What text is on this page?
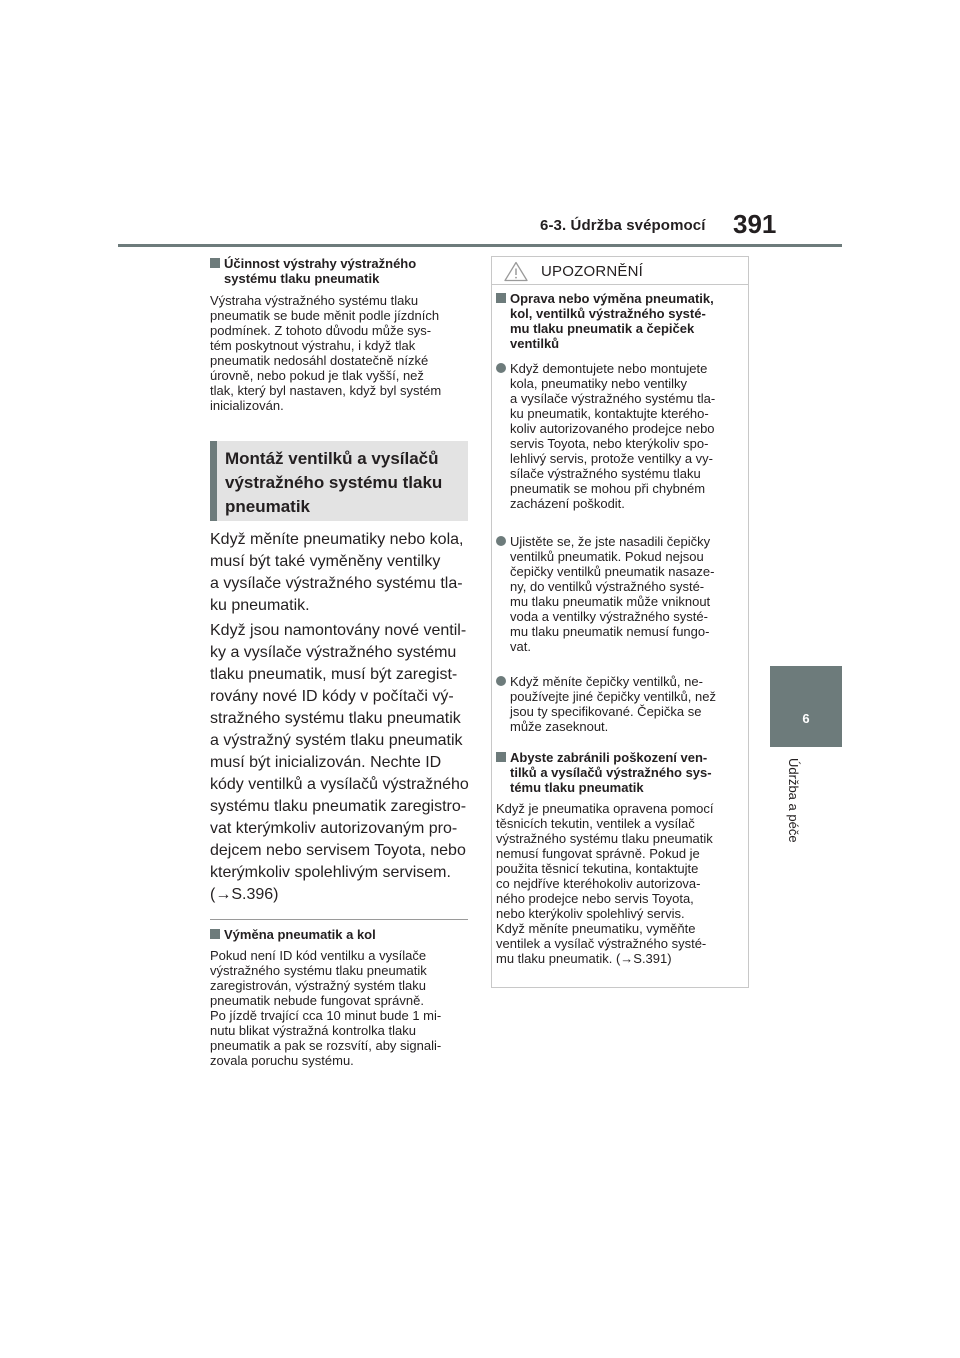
6-3. Údržba svépomocí 391
6
Údržba a péče
Účinnost výstrahy výstražného
systému tlaku pneumatik
Výstraha výstražného systému tlaku
pneumatik se bude měnit podle jízdních
podmínek. Z tohoto důvodu může sys-
tém poskytnout výstrahu, i když tlak
pneumatik nedosáhl dostatečně nízké
úrovně, nebo pokud je tlak vyšší, než
tlak, který byl nastaven, když byl systém
inicializován.
Montáž ventilků a vysílačů
výstražného systému tlaku
pneumatik
Když měníte pneumatiky nebo kola,
musí být také vyměněny ventilky
a vysílače výstražného systému tla-
ku pneumatik.
Když jsou namontovány nové ventil-
ky a vysílače výstražného systému
tlaku pneumatik, musí být zaregist-
rovány nové ID kódy v počítači vý-
stražného systému tlaku pneumatik
a výstražný systém tlaku pneumatik
musí být inicializován. Nechte ID
kódy ventilků a vysílačů výstražného
systému tlaku pneumatik zaregistro-
vat kterýmkoliv autorizovaným pro-
dejcem nebo servisem Toyota, nebo
kterýmkoliv spolehlivým servisem.
(→S.396)
Výměna pneumatik a kol
Pokud není ID kód ventilku a vysílače
výstražného systému tlaku pneumatik
zaregistrován, výstražný systém tlaku
pneumatik nebude fungovat správně.
Po jízdě trvající cca 10 minut bude 1 mi-
nutu blikat výstražná kontrolka tlaku
pneumatik a pak se rozsvítí, aby signali-
zovala poruchu systému.
UPOZORNĚNÍ
Oprava nebo výměna pneumatik,
kol, ventilků výstražného systé-
mu tlaku pneumatik a čepiček
ventilků
Když demontujete nebo montujete
kola, pneumatiky nebo ventilky
a vysílače výstražného systému tla-
ku pneumatik, kontaktujte kterého-
koliv autorizovaného prodejce nebo
servis Toyota, nebo kterýkoliv spo-
lehlivý servis, protože ventilky a vy-
sílače výstražného systému tlaku
pneumatik se mohou při chybném
zacházení poškodit.
Ujistěte se, že jste nasadili čepičky
ventilků pneumatik. Pokud nejsou
čepičky ventilků pneumatik nasaze-
ny, do ventilků výstražného systé-
mu tlaku pneumatik může vniknout
voda a ventilky výstražného systé-
mu tlaku pneumatik nemusí fungo-
vat.
Když měníte čepičky ventilků, ne-
používejte jiné čepičky ventilků, než
jsou ty specifikované. Čepička se
může zaseknout.
Abyste zabránili poškození ven-
tilků a vysílačů výstražného sys-
tému tlaku pneumatik
Když je pneumatika opravena pomocí
těsnicích tekutin, ventilek a vysílač
výstražného systému tlaku pneumatik
nemusí fungovat správně. Pokud je
použita těsnicí tekutina, kontaktujte
co nejdříve kteréhokoliv autorizova-
ného prodejce nebo servis Toyota,
nebo kterýkoliv spolehlivý servis.
Když měníte pneumatiku, vyměňte
ventilek a vysílač výstražného systé-
mu tlaku pneumatik. (→S.391)
